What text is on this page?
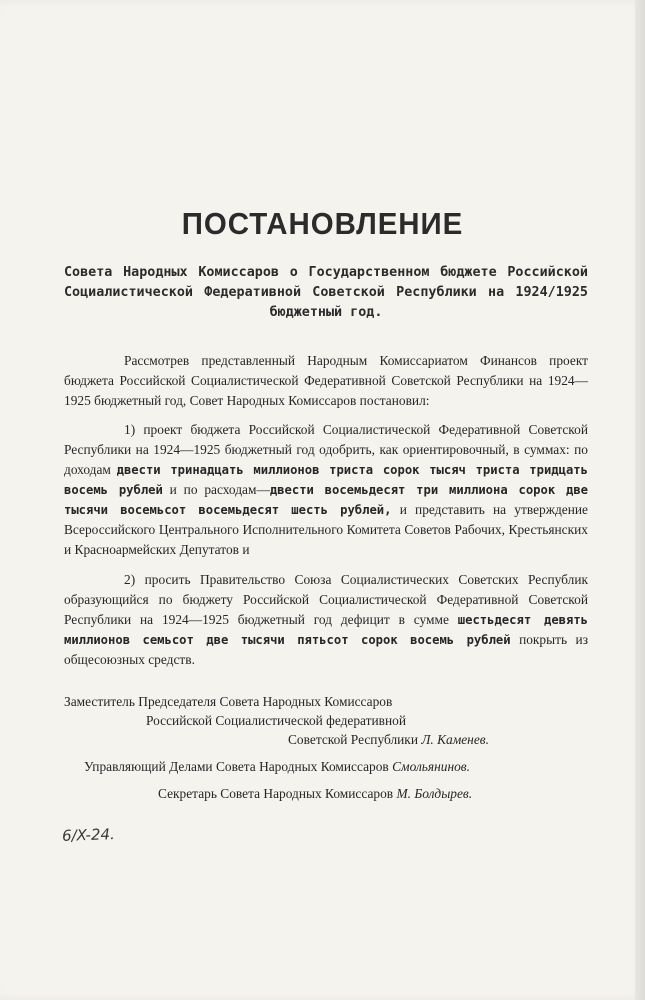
ПОСТАНОВЛЕНИЕ
Совета Народных Комиссаров о Государственном бюджете Российской Социалистической Федеративной Советской Республики на 1924/1925 бюджетный год.
Рассмотрев представленный Народным Комиссариатом Финансов проект бюджета Российской Социалистической Федеративной Советской Республики на 1924—1925 бюджетный год, Совет Народных Комиссаров постановил:
1) проект бюджета Российской Социалистической Федеративной Советской Республики на 1924—1925 бюджетный год одобрить, как ориентировочный, в суммах: по доходам двести тринадцать миллионов триста сорок тысяч триста тридцать восемь рублей и по расходам—двести восемьдесят три миллиона сорок две тысячи восемьсот восемьдесят шесть рублей, и представить на утверждение Всероссийского Центрального Исполнительного Комитета Советов Рабочих, Крестьянских и Красноармейских Депутатов и
2) просить Правительство Союза Социалистических Советских Республик образующийся по бюджету Российской Социалистической Федеративной Советской Республики на 1924—1925 бюджетный год дефицит в сумме шестьдесят девять миллионов семьсот две тысячи пятьсот сорок восемь рублей покрыть из общесоюзных средств.
Заместитель Председателя Совета Народных Комиссаров
Российской Социалистической федеративной
Советской Республики Л. Каменев.
Управляющий Делами Совета Народных Комиссаров Смольянинов.
Секретарь Совета Народных Комиссаров М. Болдырев.
6/X-24.
